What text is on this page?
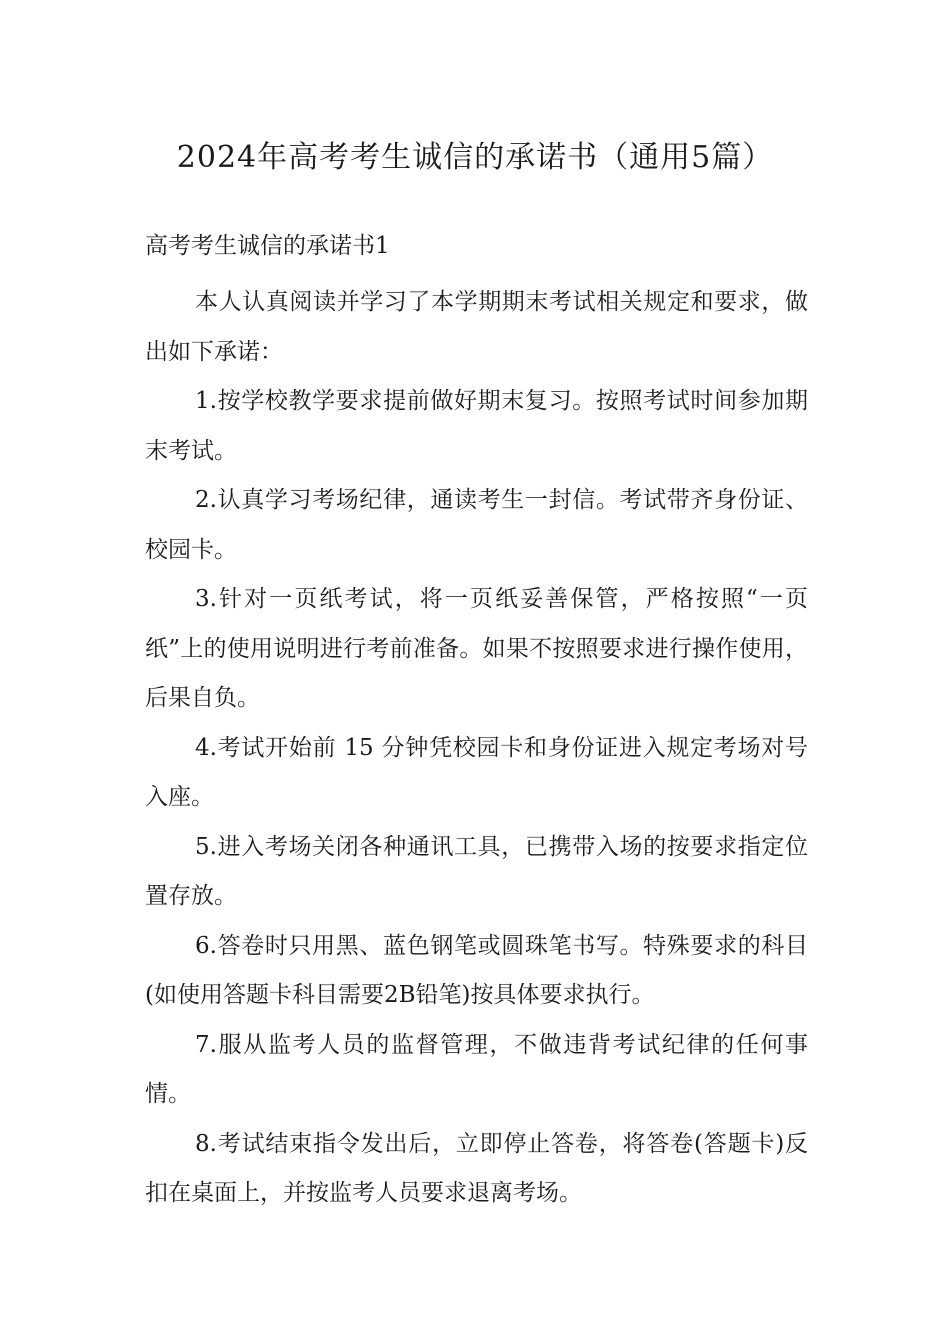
2024年高考考生诚信的承诺书（通用5篇）
高考考生诚信的承诺书1

本人认真阅读并学习了本学期期末考试相关规定和要求，做出如下承诺：

1.按学校教学要求提前做好期末复习。按照考试时间参加期末考试。

2.认真学习考场纪律，通读考生一封信。考试带齐身份证、校园卡。

3.针对一页纸考试，将一页纸妥善保管，严格按照“一页纸”上的使用说明进行考前准备。如果不按照要求进行操作使用，后果自负。

4.考试开始前 15 分钟凭校园卡和身份证进入规定考场对号入座。

5.进入考场关闭各种通讯工具，已携带入场的按要求指定位置存放。

6.答卷时只用黑、蓝色钢笔或圆珠笔书写。特殊要求的科目(如使用答题卡科目需要2B铅笔)按具体要求执行。

7.服从监考人员的监督管理，不做违背考试纪律的任何事情。

8.考试结束指令发出后，立即停止答卷，将答卷(答题卡)反扣在桌面上，并按监考人员要求退离考场。
